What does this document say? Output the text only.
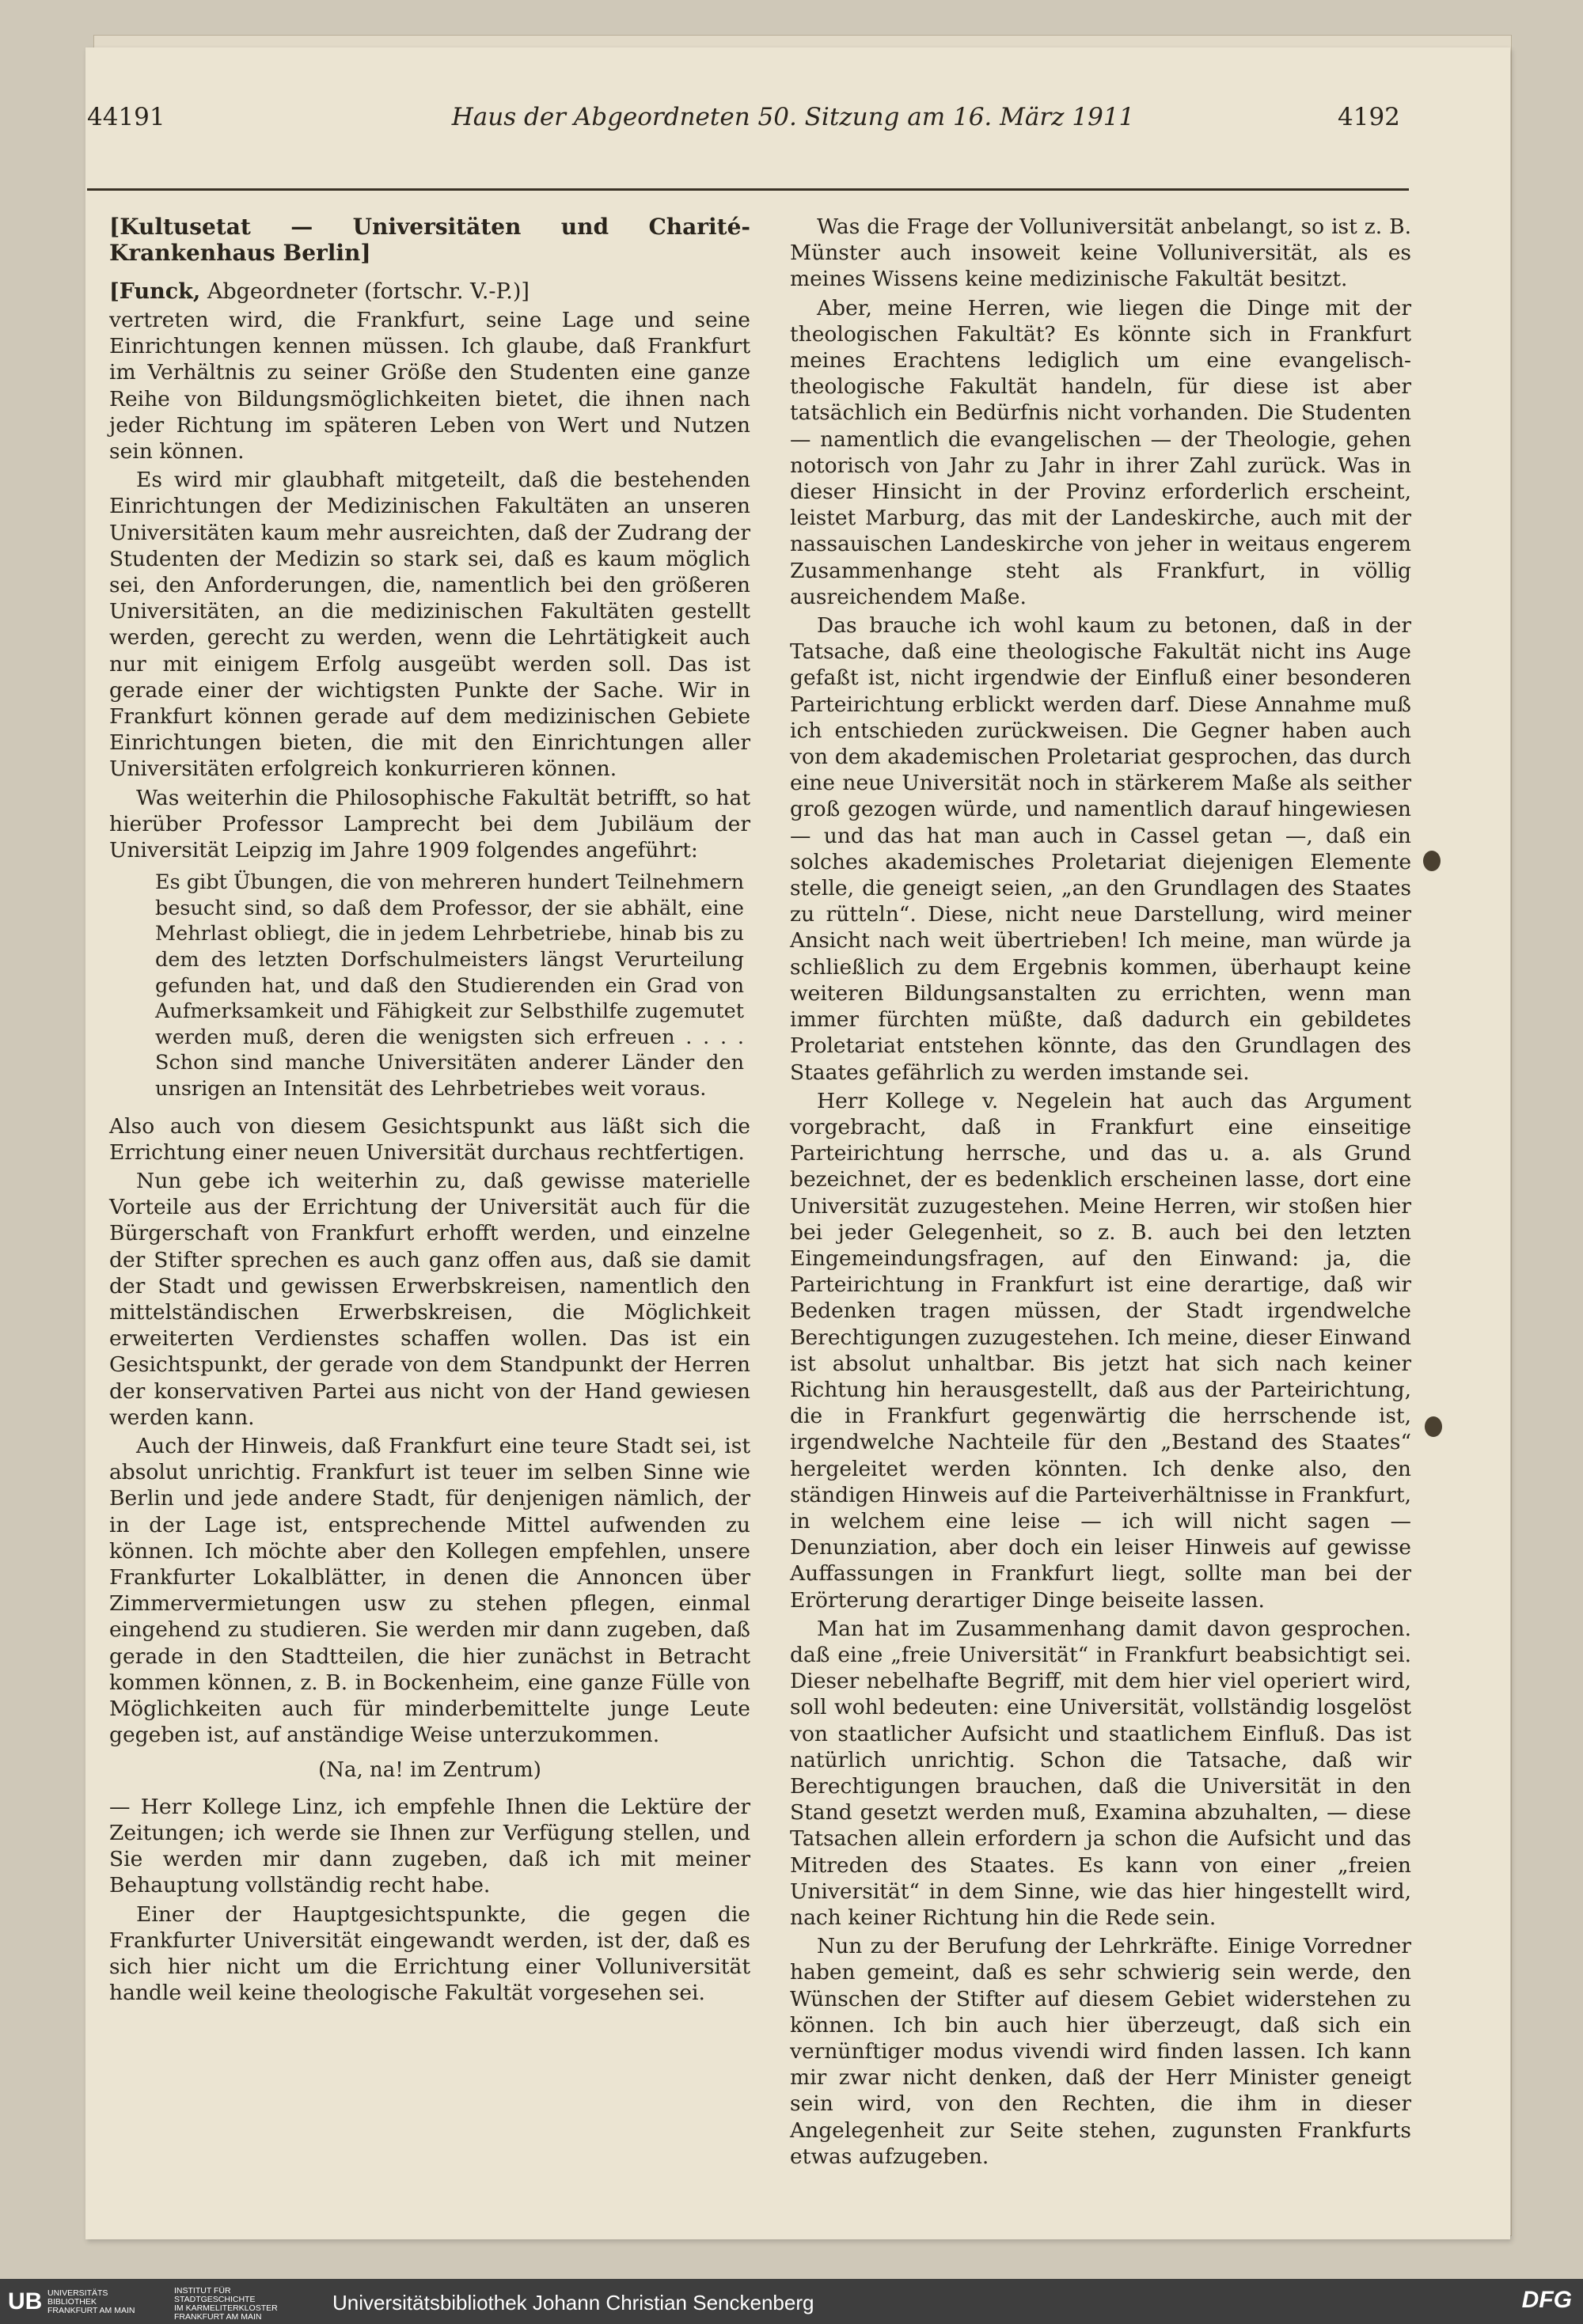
44191	Haus der Abgeordneten 50. Sitzung am 16. März 1911	4192
[Kultusetat — Universitäten und Charité-Krankenhaus Berlin]

[Funck, Abgeordneter (fortschr. V.-P.)]

vertreten wird, die Frankfurt, seine Lage und seine Einrichtungen kennen müssen. Ich glaube, daß Frankfurt im Verhältnis zu seiner Größe den Studenten eine ganze Reihe von Bildungsmöglichkeiten bietet, die ihnen nach jeder Richtung im späteren Leben von Wert und Nutzen sein können.

Es wird mir glaubhaft mitgeteilt, daß die bestehenden Einrichtungen der Medizinischen Fakultäten an unseren Universitäten kaum mehr ausreichten, daß der Zudrang der Studenten der Medizin so stark sei, daß es kaum möglich sei, den Anforderungen, die, namentlich bei den größeren Universitäten, an die medizinischen Fakultäten gestellt werden, gerecht zu werden, wenn die Lehrtätigkeit auch nur mit einigem Erfolg ausgeübt werden soll. Das ist gerade einer der wichtigsten Punkte der Sache. Wir in Frankfurt können gerade auf dem medizinischen Gebiete Einrichtungen bieten, die mit den Einrichtungen aller Universitäten erfolgreich konkurrieren können.

Was weiterhin die Philosophische Fakultät betrifft, so hat hierüber Professor Lamprecht bei dem Jubiläum der Universität Leipzig im Jahre 1909 folgendes angeführt:

Es gibt Übungen, die von mehreren hundert Teilnehmern besucht sind, so daß dem Professor, der sie abhält, eine Mehrlast obliegt, die in jedem Lehrbetriebe, hinab bis zu dem des letzten Dorfschulmeisters längst Verurteilung gefunden hat, und daß den Studierenden ein Grad von Aufmerksamkeit und Fähigkeit zur Selbsthilfe zugemutet werden muß, deren die wenigsten sich erfreuen . . . . Schon sind manche Universitäten anderer Länder den unsrigen an Intensität des Lehrbetriebes weit voraus.

Also auch von diesem Gesichtspunkt aus läßt sich die Errichtung einer neuen Universität durchaus rechtfertigen.

Nun gebe ich weiterhin zu, daß gewisse materielle Vorteile aus der Errichtung der Universität auch für die Bürgerschaft von Frankfurt erhofft werden, und einzelne der Stifter sprechen es auch ganz offen aus, daß sie damit der Stadt und gewissen Erwerbskreisen, namentlich den mittelständischen Erwerbskreisen, die Möglichkeit erweiterten Verdienstes schaffen wollen. Das ist ein Gesichtspunkt, der gerade von dem Standpunkt der Herren der konservativen Partei aus nicht von der Hand gewiesen werden kann.

Auch der Hinweis, daß Frankfurt eine teure Stadt sei, ist absolut unrichtig. Frankfurt ist teuer im selben Sinne wie Berlin und jede andere Stadt, für denjenigen nämlich, der in der Lage ist, entsprechende Mittel aufwenden zu können. Ich möchte aber den Kollegen empfehlen, unsere Frankfurter Lokalblätter, in denen die Annoncen über Zimmervermietungen usw zu stehen pflegen, einmal eingehend zu studieren. Sie werden mir dann zugeben, daß gerade in den Stadtteilen, die hier zunächst in Betracht kommen können, z. B. in Bockenheim, eine ganze Fülle von Möglichkeiten auch für minderbemittelte junge Leute gegeben ist, auf anständige Weise unterzukommen.

(Na, na! im Zentrum)

— Herr Kollege Linz, ich empfehle Ihnen die Lektüre der Zeitungen; ich werde sie Ihnen zur Verfügung stellen, und Sie werden mir dann zugeben, daß ich mit meiner Behauptung vollständig recht habe.

Einer der Hauptgesichtspunkte, die gegen die Frankfurter Universität eingewandt werden, ist der, daß es sich hier nicht um die Errichtung einer Volluniversität handle weil keine theologische Fakultät vorgesehen sei.

Was die Frage der Volluniversität anbelangt, so ist z. B. Münster auch insoweit keine Volluniversität, als es meines Wissens keine medizinische Fakultät besitzt.

Aber, meine Herren, wie liegen die Dinge mit der theologischen Fakultät? Es könnte sich in Frankfurt meines Erachtens lediglich um eine evangelisch-theologische Fakultät handeln, für diese ist aber tatsächlich ein Bedürfnis nicht vorhanden. Die Studenten — namentlich die evangelischen — der Theologie, gehen notorisch von Jahr zu Jahr in ihrer Zahl zurück. Was in dieser Hinsicht in der Provinz erforderlich erscheint, leistet Marburg, das mit der Landeskirche, auch mit der nassauischen Landeskirche von jeher in weitaus engerem Zusammenhange steht als Frankfurt, in völlig ausreichendem Maße.

Das brauche ich wohl kaum zu betonen, daß in der Tatsache, daß eine theologische Fakultät nicht ins Auge gefaßt ist, nicht irgendwie der Einfluß einer besonderen Parteirichtung erblickt werden darf. Diese Annahme muß ich entschieden zurückweisen. Die Gegner haben auch von dem akademischen Proletariat gesprochen, das durch eine neue Universität noch in stärkerem Maße als seither groß gezogen würde, und namentlich darauf hingewiesen — und das hat man auch in Cassel getan —, daß ein solches akademisches Proletariat diejenigen Elemente stelle, die geneigt seien, „an den Grundlagen des Staates zu rütteln“. Diese, nicht neue Darstellung, wird meiner Ansicht nach weit übertrieben! Ich meine, man würde ja schließlich zu dem Ergebnis kommen, überhaupt keine weiteren Bildungsanstalten zu errichten, wenn man immer fürchten müßte, daß dadurch ein gebildetes Proletariat entstehen könnte, das den Grundlagen des Staates gefährlich zu werden imstande sei.

Herr Kollege v. Negelein hat auch das Argument vorgebracht, daß in Frankfurt eine einseitige Parteirichtung herrsche, und das u. a. als Grund bezeichnet, der es bedenklich erscheinen lasse, dort eine Universität zuzugestehen. Meine Herren, wir stoßen hier bei jeder Gelegenheit, so z. B. auch bei den letzten Eingemeindungsfragen, auf den Einwand: ja, die Parteirichtung in Frankfurt ist eine derartige, daß wir Bedenken tragen müssen, der Stadt irgendwelche Berechtigungen zuzugestehen. Ich meine, dieser Einwand ist absolut unhaltbar. Bis jetzt hat sich nach keiner Richtung hin herausgestellt, daß aus der Parteirichtung, die in Frankfurt gegenwärtig die herrschende ist, irgendwelche Nachteile für den „Bestand des Staates“ hergeleitet werden könnten. Ich denke also, den ständigen Hinweis auf die Parteiverhältnisse in Frankfurt, in welchem eine leise — ich will nicht sagen — Denunziation, aber doch ein leiser Hinweis auf gewisse Auffassungen in Frankfurt liegt, sollte man bei der Erörterung derartiger Dinge beiseite lassen.

Man hat im Zusammenhang damit davon gesprochen. daß eine „freie Universität“ in Frankfurt beabsichtigt sei. Dieser nebelhafte Begriff, mit dem hier viel operiert wird, soll wohl bedeuten: eine Universität, vollständig losgelöst von staatlicher Aufsicht und staatlichem Einfluß. Das ist natürlich unrichtig. Schon die Tatsache, daß wir Berechtigungen brauchen, daß die Universität in den Stand gesetzt werden muß, Examina abzuhalten, — diese Tatsachen allein erfordern ja schon die Aufsicht und das Mitreden des Staates. Es kann von einer „freien Universität“ in dem Sinne, wie das hier hingestellt wird, nach keiner Richtung hin die Rede sein.

Nun zu der Berufung der Lehrkräfte. Einige Vorredner haben gemeint, daß es sehr schwierig sein werde, den Wünschen der Stifter auf diesem Gebiet widerstehen zu können. Ich bin auch hier überzeugt, daß sich ein vernünftiger modus vivendi wird finden lassen. Ich kann mir zwar nicht denken, daß der Herr Minister geneigt sein wird, von den Rechten, die ihm in dieser Angelegenheit zur Seite stehen, zugunsten Frankfurts etwas aufzugeben.

UB UNIVERSITÄTS
BIBLIOTHEK
FRANKFURT AM MAIN
INSTITUT FÜR
STADTGESCHICHTE
IM KARMELITERKLOSTER
FRANKFURT AM MAIN
Universitätsbibliothek Johann Christian Senckenberg	DFG
